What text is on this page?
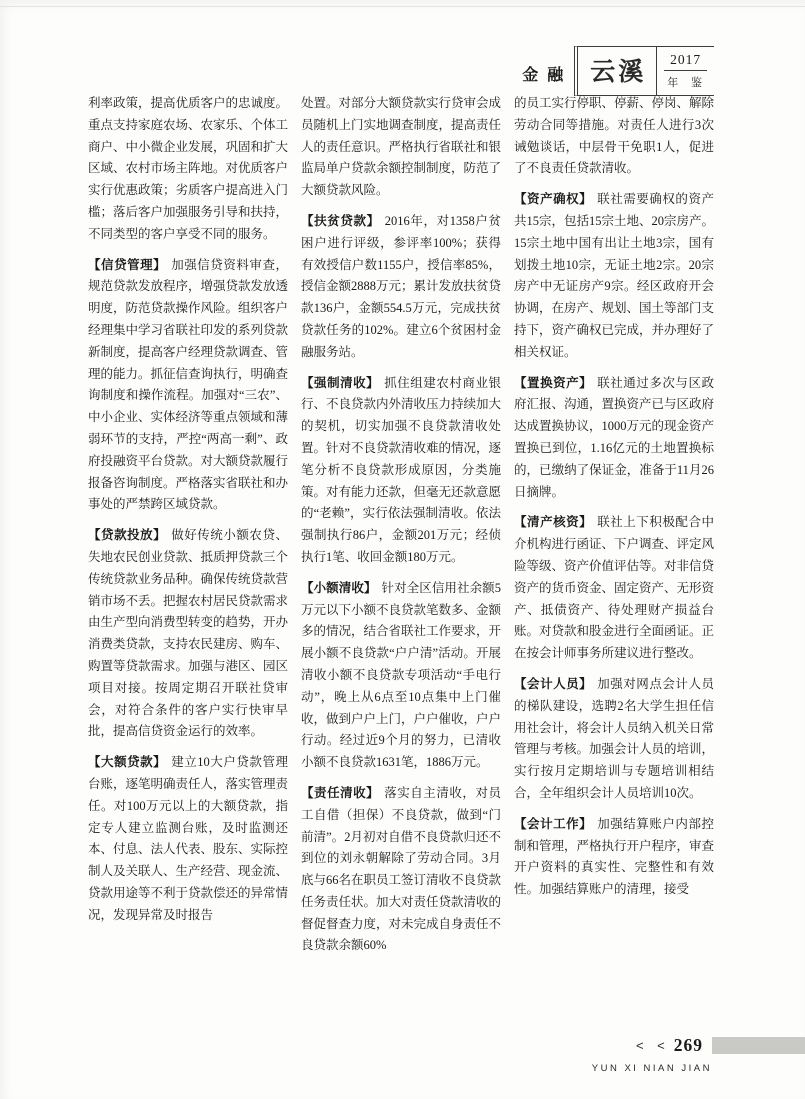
金融 云溪	2017
年 鉴

利率政策，提高优质客户的忠诚度。重点支持家庭农场、农家乐、个体工商户、中小微企业发展，巩固和扩大区域、农村市场主阵地。对优质客户实行优惠政策；劣质客户提高进入门槛；落后客户加强服务引导和扶持，不同类型的客户享受不同的服务。

【信贷管理】 加强信贷资料审查，规范贷款发放程序，增强贷款发放透明度，防范贷款操作风险。组织客户经理集中学习省联社印发的系列贷款新制度，提高客户经理贷款调查、管理的能力。抓征信查询执行，明确查询制度和操作流程。加强对“三农”、中小企业、实体经济等重点领域和薄弱环节的支持，严控“两高一剩”、政府投融资平台贷款。对大额贷款履行报备咨询制度。严格落实省联社和办事处的严禁跨区域贷款。

【贷款投放】 做好传统小额农贷、失地农民创业贷款、抵质押贷款三个传统贷款业务品种。确保传统贷款营销市场不丢。把握农村居民贷款需求由生产型向消费型转变的趋势，开办消费类贷款，支持农民建房、购车、购置等贷款需求。加强与港区、园区项目对接。按周定期召开联社贷审会，对符合条件的客户实行快审早批，提高信贷资金运行的效率。

【大额贷款】 建立10大户贷款管理台账，逐笔明确责任人，落实管理责任。对100万元以上的大额贷款，指定专人建立监测台账，及时监测还本、付息、法人代表、股东、实际控制人及关联人、生产经营、现金流、贷款用途等不利于贷款偿还的异常情况，发现异常及时报告

处置。对部分大额贷款实行贷审会成员随机上门实地调查制度，提高责任人的责任意识。严格执行省联社和银监局单户贷款余额控制制度，防范了大额贷款风险。

【扶贫贷款】 2016年，对1358户贫困户进行评级，参评率100%；获得有效授信户数1155户，授信率85%，授信金额2888万元；累计发放扶贫贷款136户，金额554.5万元，完成扶贫贷款任务的102%。建立6个贫困村金融服务站。

【强制清收】 抓住组建农村商业银行、不良贷款内外清收压力持续加大的契机，切实加强不良贷款清收处置。针对不良贷款清收难的情况，逐笔分析不良贷款形成原因，分类施策。对有能力还款，但毫无还款意愿的“老赖”，实行依法强制清收。依法强制执行86户，金额201万元；经侦执行1笔、收回金额180万元。

【小额清收】 针对全区信用社余额5万元以下小额不良贷款笔数多、金额多的情况，结合省联社工作要求，开展小额不良贷款“户户清”活动。开展清收小额不良贷款专项活动“手电行动”，晚上从6点至10点集中上门催收，做到户户上门，户户催收，户户行动。经过近9个月的努力，已清收小额不良贷款1631笔，1886万元。

【责任清收】 落实自主清收，对员工自借（担保）不良贷款，做到“门前清”。2月初对自借不良贷款归还不到位的刘永朝解除了劳动合同。3月底与66名在职员工签订清收不良贷款任务责任状。加大对责任贷款清收的督促督查力度，对未完成自身责任不良贷款余额60%

的员工实行停职、停薪、停岗、解除劳动合同等措施。对责任人进行3次诫勉谈话，中层骨干免职1人，促进了不良责任贷款清收。

【资产确权】 联社需要确权的资产共15宗，包括15宗土地、20宗房产。15宗土地中国有出让土地3宗，国有划拨土地10宗，无证土地2宗。20宗房产中无证房产9宗。经区政府开会协调，在房产、规划、国土等部门支持下，资产确权已完成，并办理好了相关权证。

【置换资产】 联社通过多次与区政府汇报、沟通，置换资产已与区政府达成置换协议，1000万元的现金资产置换已到位，1.16亿元的土地置换标的，已缴纳了保证金，准备于11月26日摘牌。

【清产核资】 联社上下积极配合中介机构进行函证、下户调查、评定风险等级、资产价值评估等。对非信贷资产的货币资金、固定资产、无形资产、抵债资产、待处理财产损益台账。对贷款和股金进行全面函证。正在按会计师事务所建议进行整改。

【会计人员】 加强对网点会计人员的梯队建设，选聘2名大学生担任信用社会计，将会计人员纳入机关日常管理与考核。加强会计人员的培训，实行按月定期培训与专题培训相结合，全年组织会计人员培训10次。

【会计工作】 加强结算账户内部控制和管理，严格执行开户程序，审查开户资料的真实性、完整性和有效性。加强结算账户的清理，接受

< < 269
YUN XI NIAN JIAN
